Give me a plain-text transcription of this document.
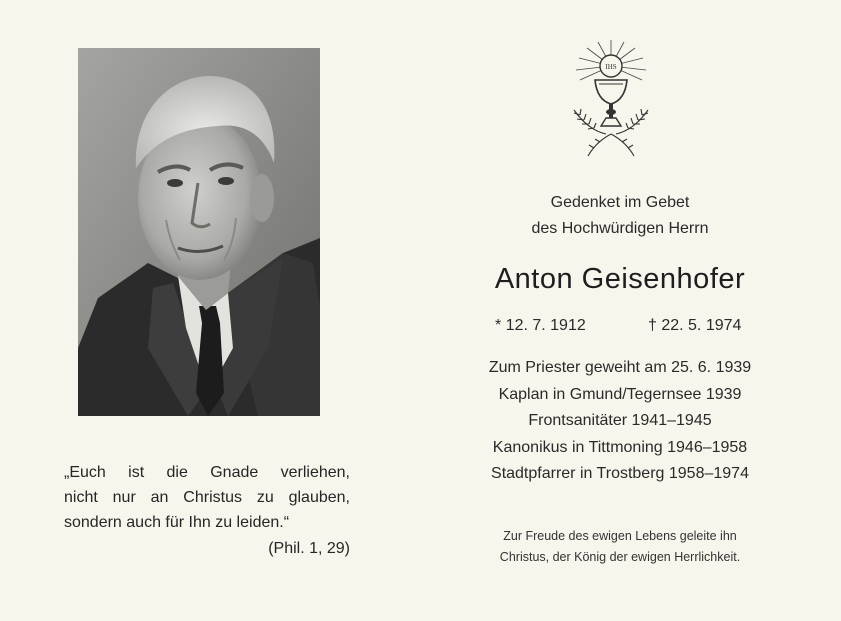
„Euch ist die Gnade verliehen,
nicht nur an Christus zu glauben,
sondern auch für Ihn zu leiden.“
(Phil. 1, 29)
IHS
Gedenket im Gebet
des Hochwürdigen Herrn
Anton Geisenhofer
* 12. 7. 1912	† 22. 5. 1974
Zum Priester geweiht am 25. 6. 1939
Kaplan in Gmund/Tegernsee 1939
Frontsanitäter 1941–1945
Kanonikus in Tittmoning 1946–1958
Stadtpfarrer in Trostberg 1958–1974
Zur Freude des ewigen Lebens geleite ihn
Christus, der König der ewigen Herrlichkeit.
